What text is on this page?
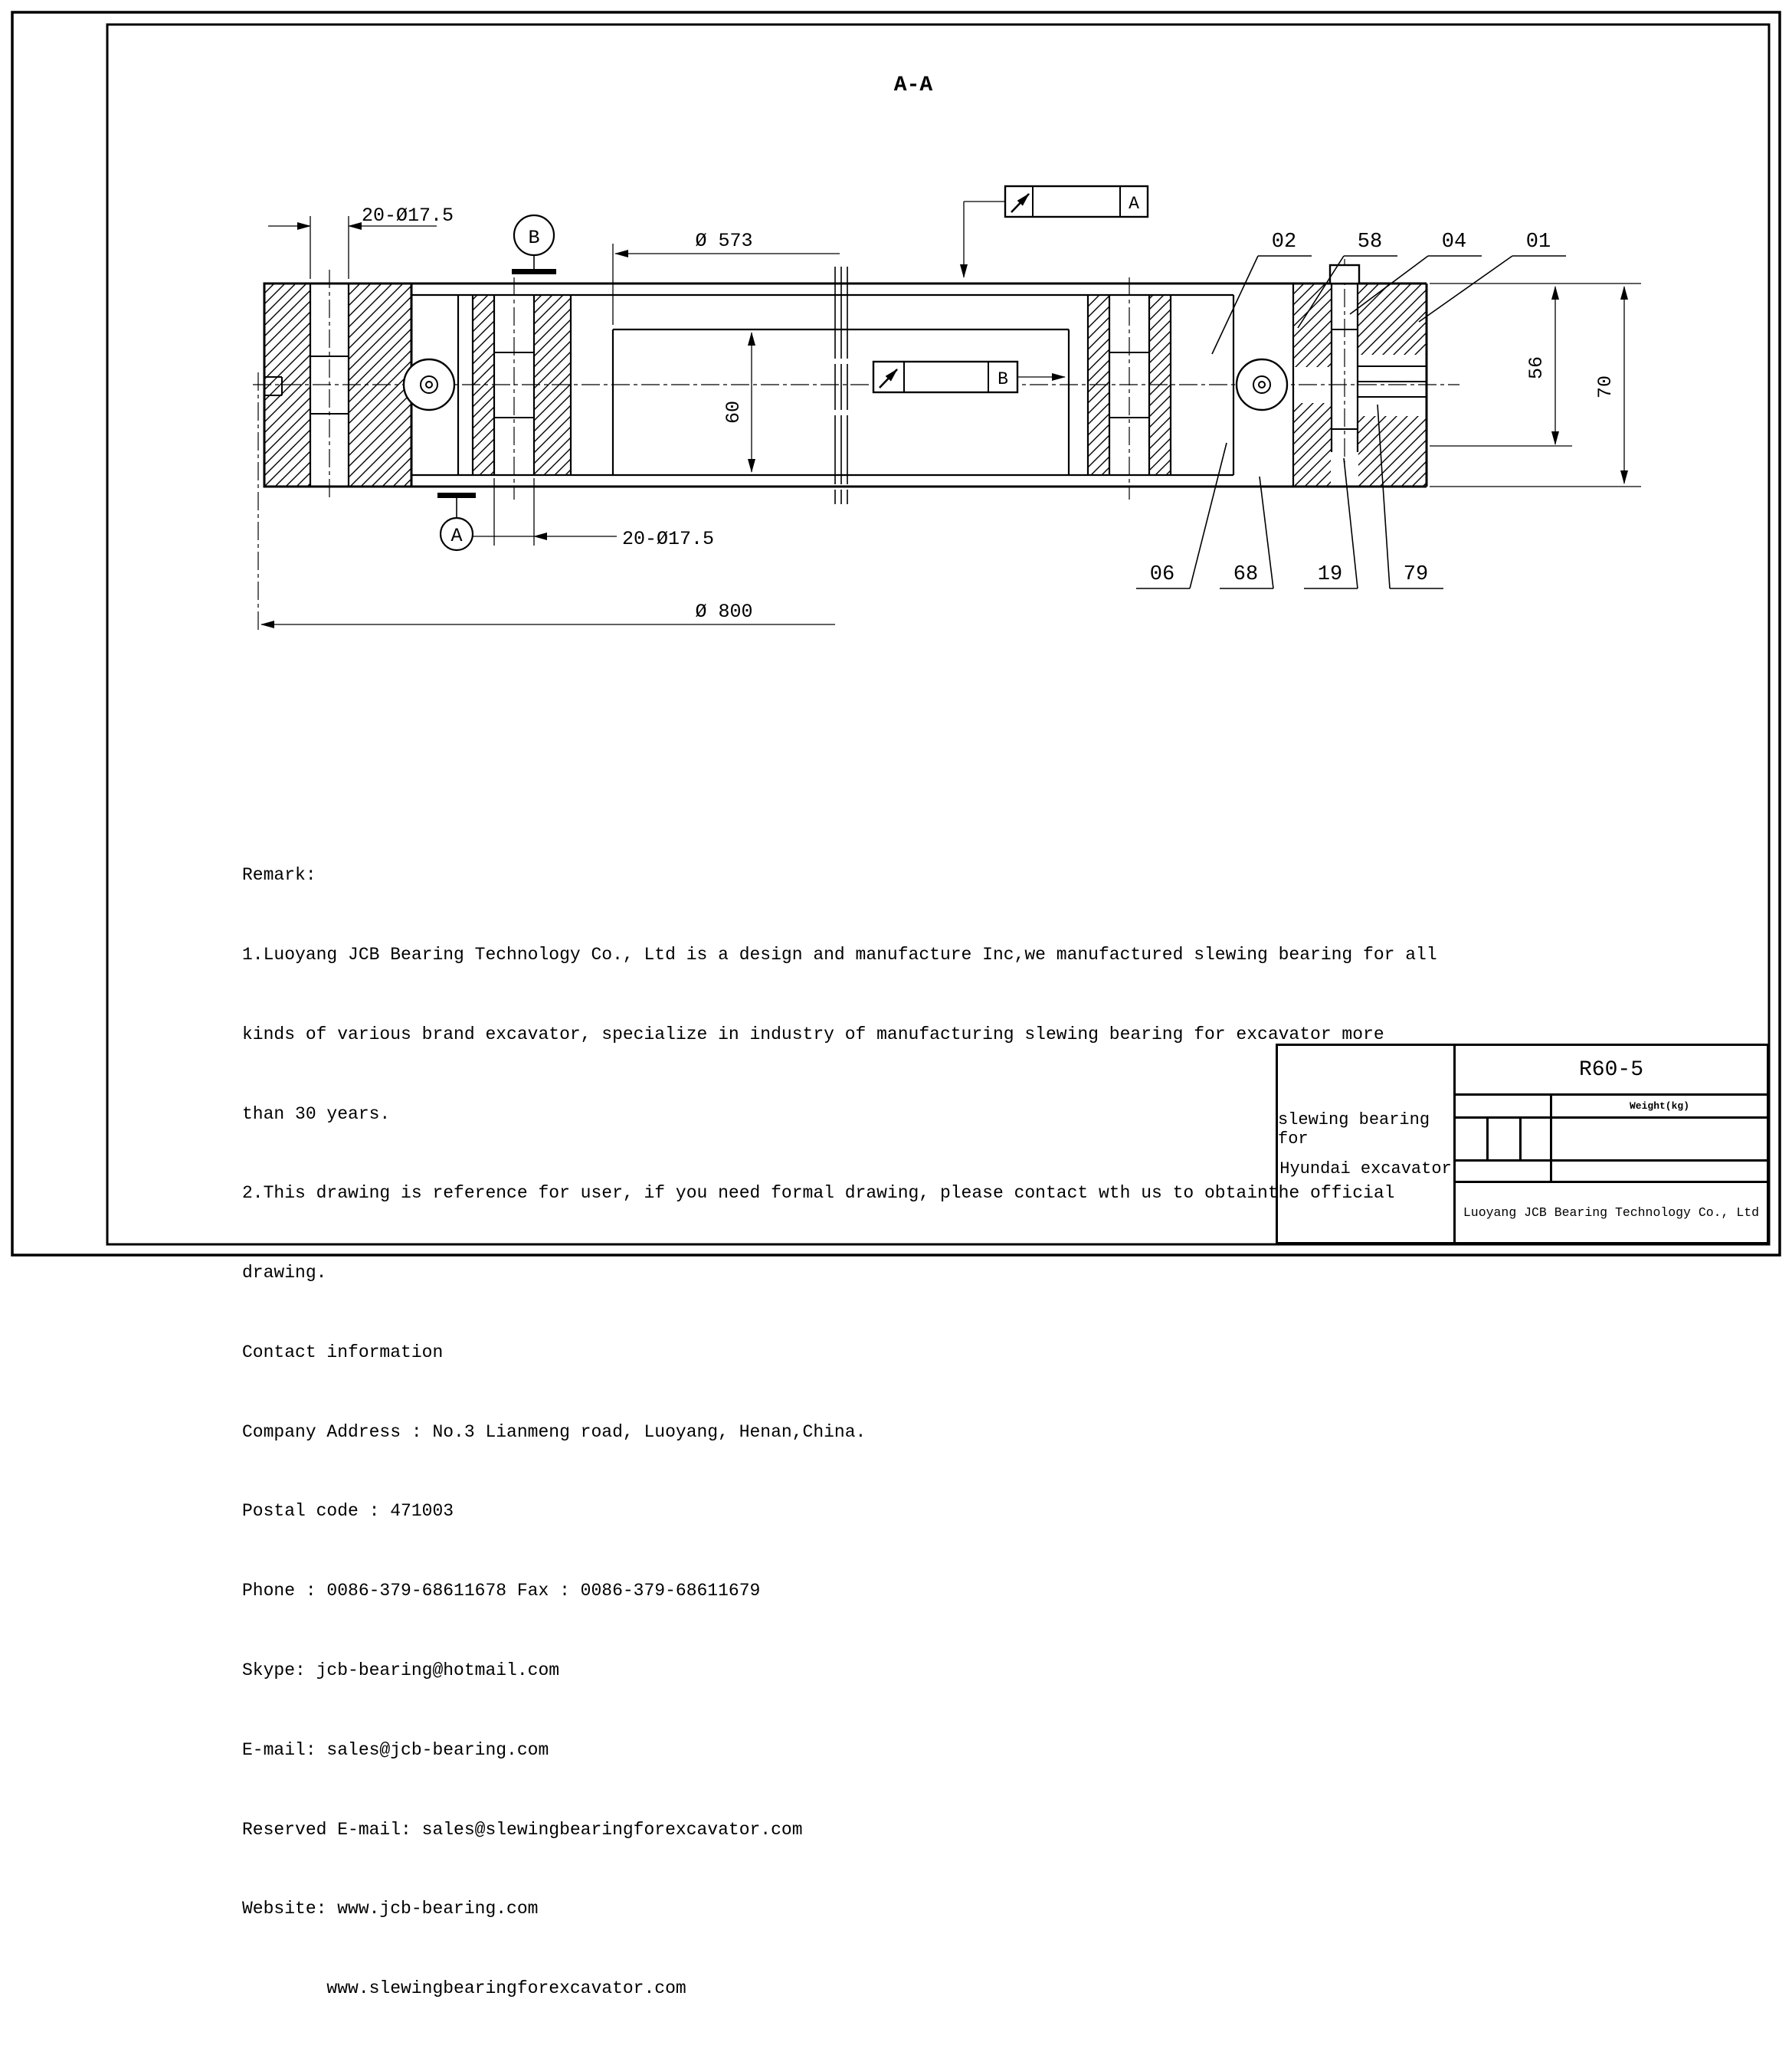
A-A
20-Ø17.5
B	Ø 573
Ø 800
60
56
70
20-Ø17.5
A
A
B
02	58	04	01
06	68	19	79

Remark:

1.Luoyang JCB Bearing Technology Co., Ltd is a design and manufacture Inc,we manufactured slewing bearing for all

kinds of various brand excavator, specialize in industry of manufacturing slewing bearing for excavator more

than 30 years.

2.This drawing is reference for user, if you need formal drawing, please contact wth us to obtainthe official

drawing.

Contact information

Company Address : No.3 Lianmeng road, Luoyang, Henan,China.

Postal code : 471003

Phone : 0086-379-68611678 Fax : 0086-379-68611679

Skype: jcb-bearing@hotmail.com

E-mail: sales@jcb-bearing.com

Reserved E-mail: sales@slewingbearingforexcavator.com

Website: www.jcb-bearing.com

www.slewingbearingforexcavator.com

slewing bearing for
Hyundai excavator
R60-5
Weight(kg)
Luoyang JCB Bearing Technology Co., Ltd
